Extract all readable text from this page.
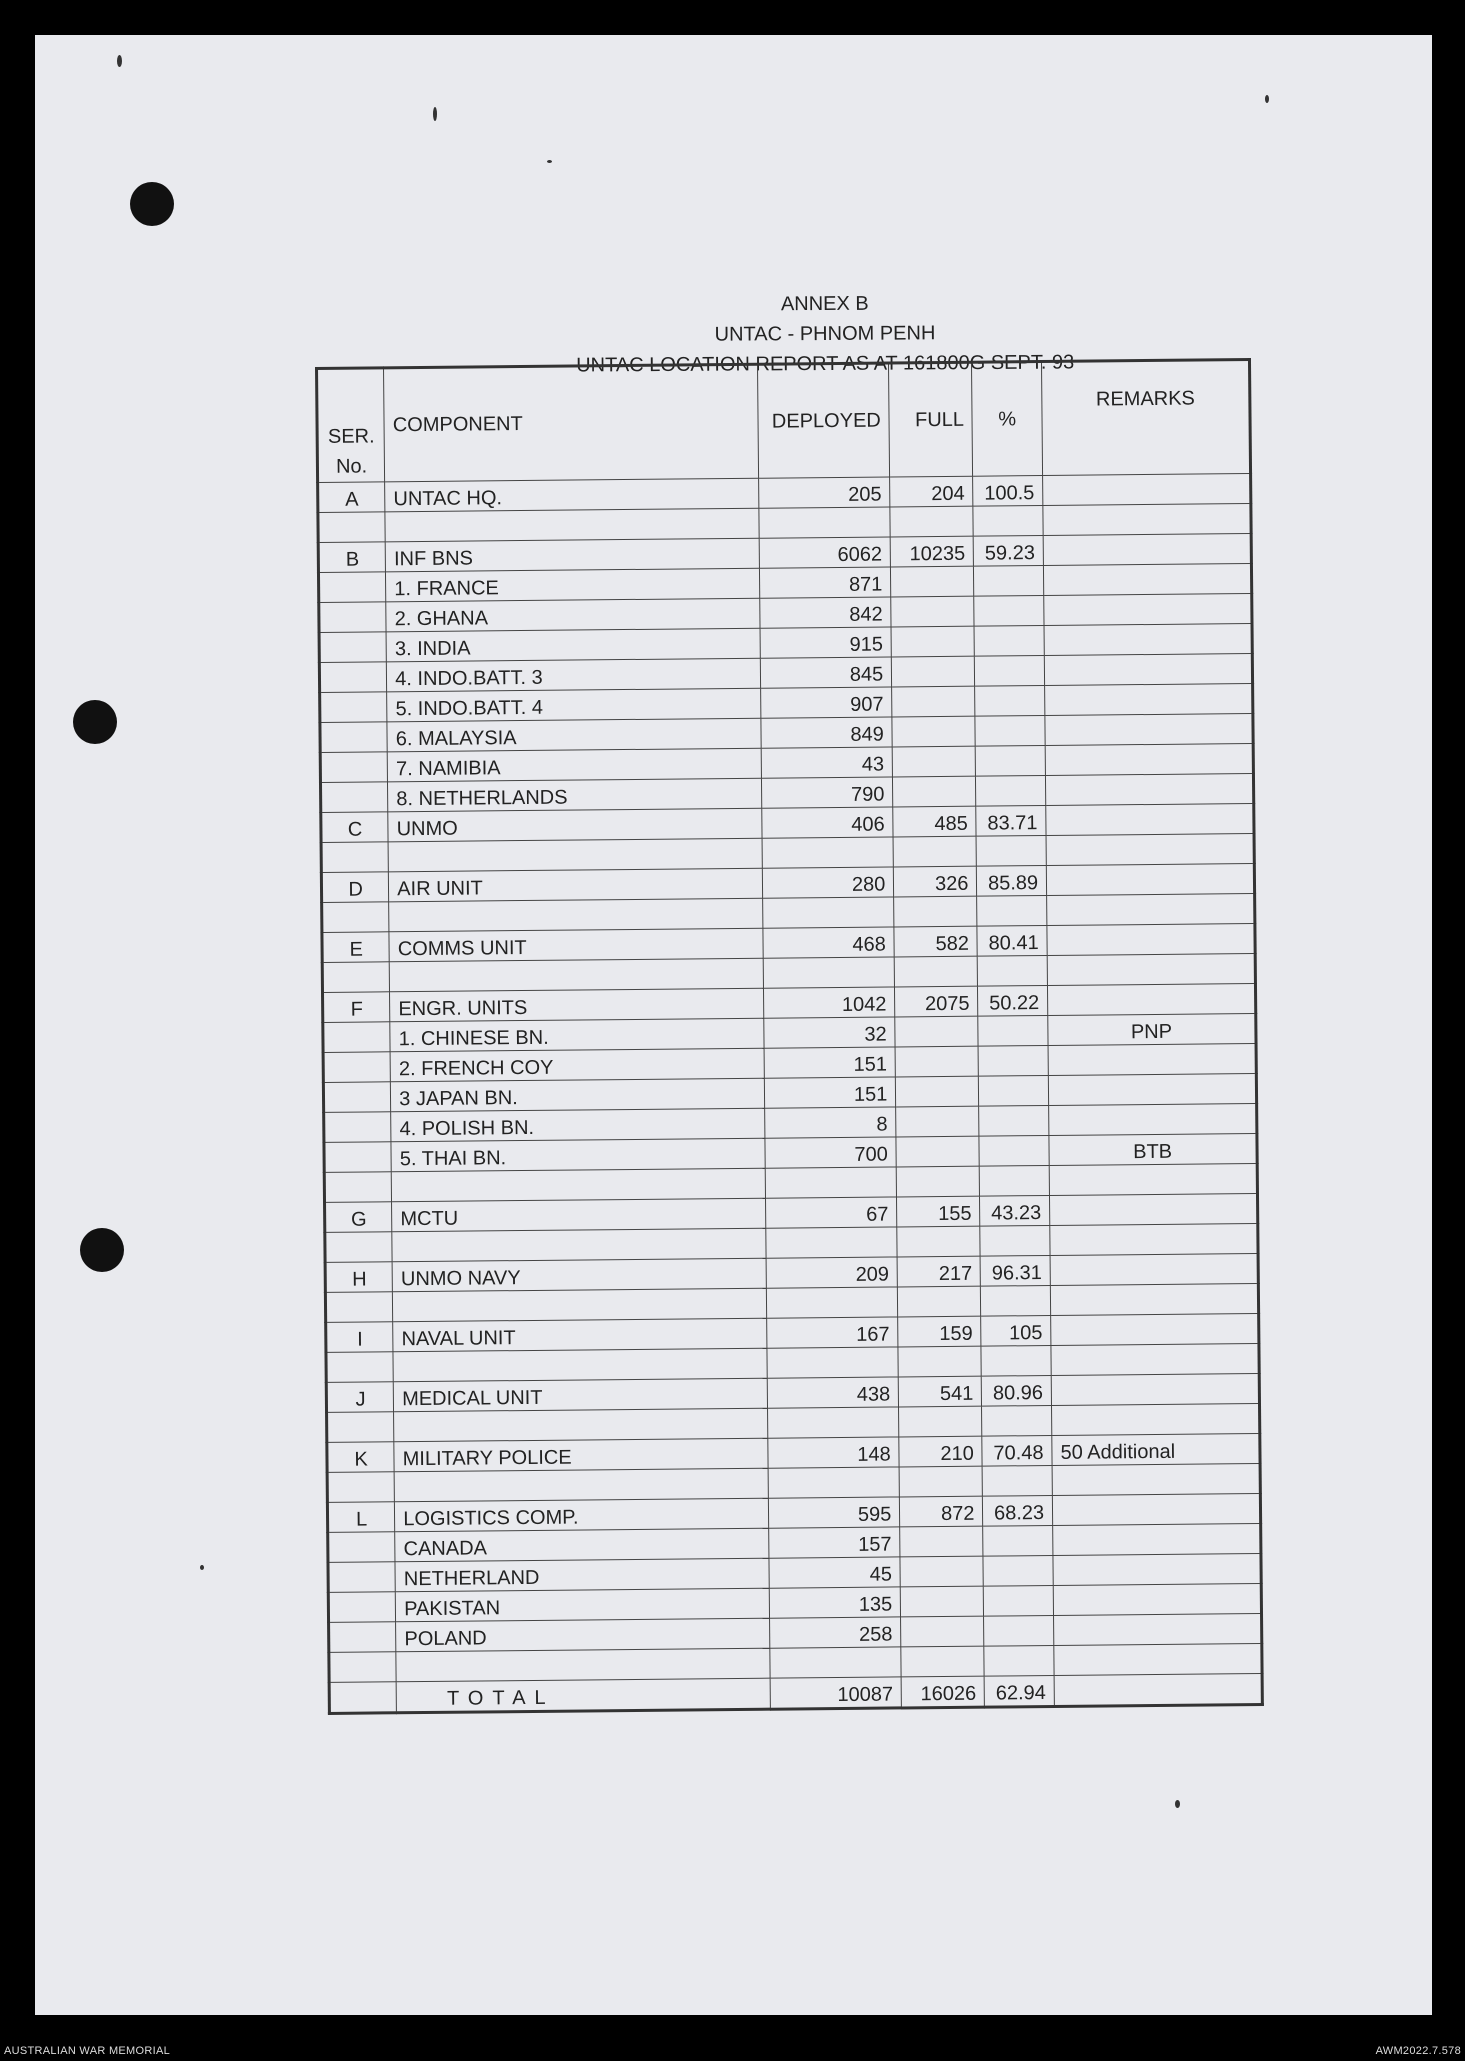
ANNEX B
UNTAC - PHNOM PENH
UNTAC LOCATION REPORT AS AT 161800G SEPT. 93
SER. No.	COMPONENT	DEPLOYED	FULL	%	REMARKS
A	UNTAC HQ.	205	204	100.5	

B	INF BNS	6062	10235	59.23	
	1. FRANCE	871			
	2. GHANA	842			
	3. INDIA	915			
	4. INDO.BATT. 3	845			
	5. INDO.BATT. 4	907			
	6. MALAYSIA	849			
	7. NAMIBIA	43			
	8. NETHERLANDS	790			
C	UNMO	406	485	83.71	

D	AIR UNIT	280	326	85.89	

E	COMMS UNIT	468	582	80.41	

F	ENGR. UNITS	1042	2075	50.22	
	1. CHINESE BN.	32			PNP
	2. FRENCH COY	151			
	3 JAPAN BN.	151			
	4. POLISH BN.	8			
	5. THAI BN.	700			BTB

G	MCTU	67	155	43.23	

H	UNMO NAVY	209	217	96.31	

I	NAVAL UNIT	167	159	105	

J	MEDICAL UNIT	438	541	80.96	

K	MILITARY POLICE	148	210	70.48	50 Additional

L	LOGISTICS COMP.	595	872	68.23	
	CANADA	157			
	NETHERLAND	45			
	PAKISTAN	135			
	POLAND	258			

	TOTAL	10087	16026	62.94	
AUSTRALIAN WAR MEMORIAL	AWM2022.7.578
